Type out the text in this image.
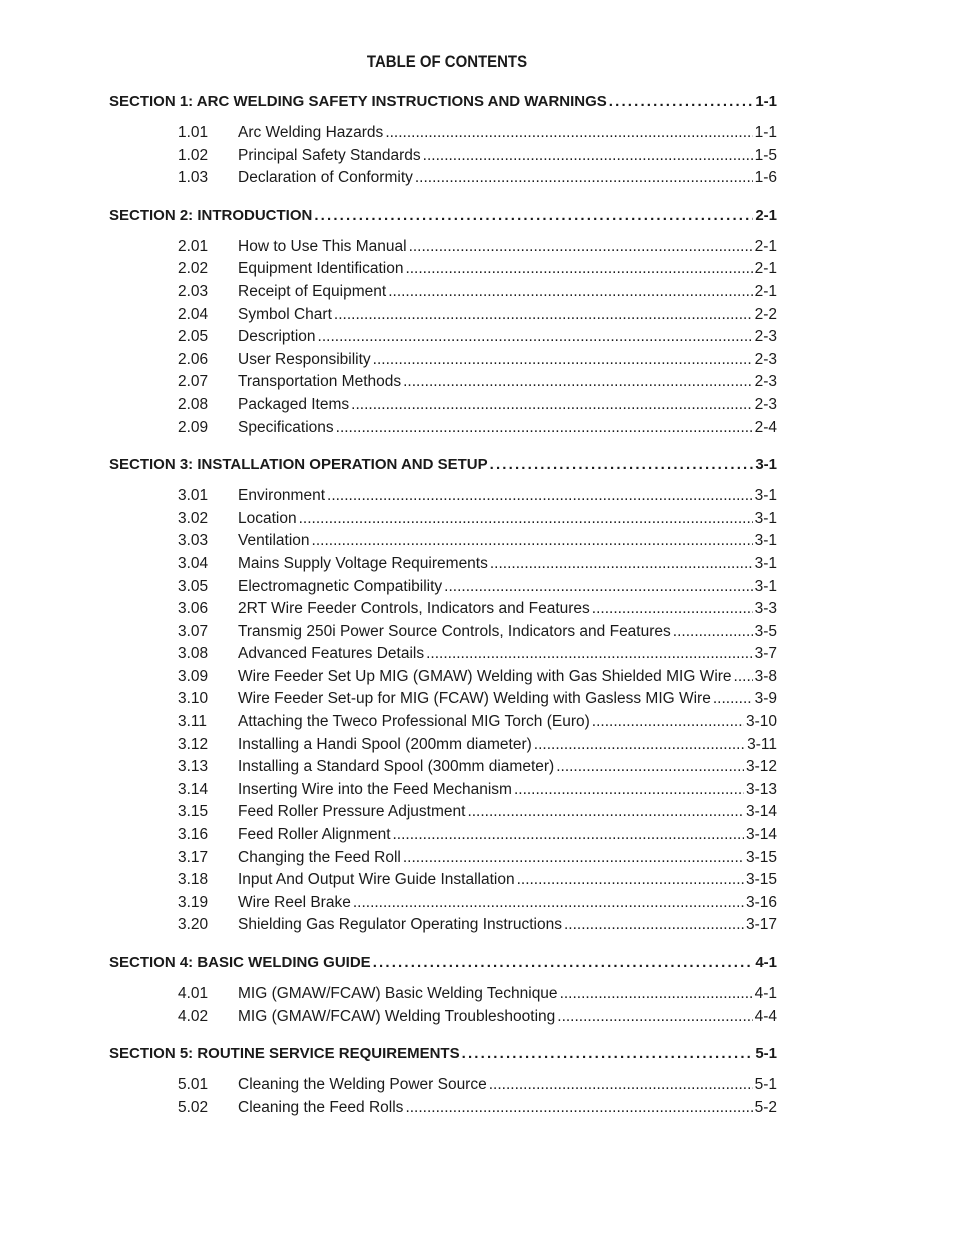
TABLE OF CONTENTS
SECTION 1: ARC WELDING SAFETY INSTRUCTIONS AND WARNINGS . . .	1-1
1.01	Arc Welding Hazards .....	1-1
1.02	Principal Safety Standards .....	1-5
1.03	Declaration of Conformity .....	1-6
SECTION 2: INTRODUCTION . . .	2-1
2.01	How to Use This Manual .....	2-1
2.02	Equipment Identification .....	2-1
2.03	Receipt of Equipment .....	2-1
2.04	Symbol Chart .....	2-2
2.05	Description .....	2-3
2.06	User Responsibility .....	2-3
2.07	Transportation Methods .....	2-3
2.08	Packaged Items .....	2-3
2.09	Specifications .....	2-4
SECTION 3: INSTALLATION OPERATION AND SETUP . . .	3-1
3.01	Environment .....	3-1
3.02	Location .....	3-1
3.03	Ventilation .....	3-1
3.04	Mains Supply Voltage Requirements .....	3-1
3.05	Electromagnetic Compatibility .....	3-1
3.06	2RT Wire Feeder Controls, Indicators and Features .....	3-3
3.07	Transmig 250i Power Source Controls, Indicators and Features .....	3-5
3.08	Advanced Features Details .....	3-7
3.09	Wire Feeder Set Up MIG (GMAW) Welding with Gas Shielded MIG Wire ..... 3-8
3.10	Wire Feeder Set-up for MIG (FCAW) Welding with Gasless MIG Wire .....	3-9
3.11	Attaching the Tweco Professional MIG Torch (Euro) .....	3-10
3.12	Installing a Handi Spool (200mm diameter) .....	3-11
3.13	Installing a Standard Spool (300mm diameter) .....	3-12
3.14	Inserting Wire into the Feed Mechanism .....	3-13
3.15	Feed Roller Pressure Adjustment .....	3-14
3.16	Feed Roller Alignment .....	3-14
3.17	Changing the Feed Roll .....	3-15
3.18	Input And Output Wire Guide Installation .....	3-15
3.19	Wire Reel Brake .....	3-16
3.20	Shielding Gas Regulator Operating Instructions .....	3-17
SECTION 4: BASIC WELDING GUIDE . . .	4-1
4.01	MIG (GMAW/FCAW) Basic Welding Technique .....	4-1
4.02	MIG (GMAW/FCAW) Welding Troubleshooting .....	4-4
SECTION 5: ROUTINE SERVICE REQUIREMENTS . . .	5-1
5.01	Cleaning the Welding Power Source .....	5-1
5.02	Cleaning the Feed Rolls .....	5-2
